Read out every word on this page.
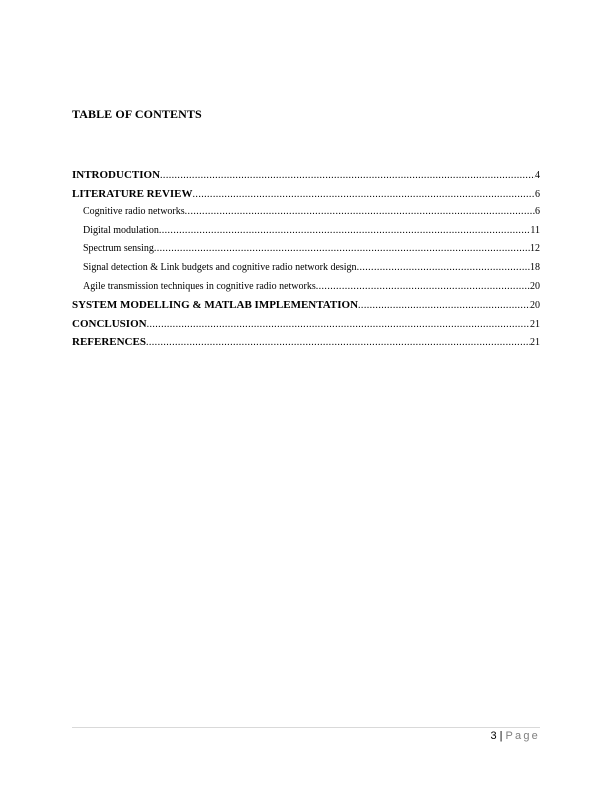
TABLE OF CONTENTS
INTRODUCTION .....	4
LITERATURE REVIEW .....	6
Cognitive radio networks .....	6
Digital modulation .....	11
Spectrum sensing .....	12
Signal detection & Link budgets and cognitive radio network design .....	18
Agile transmission techniques in cognitive radio networks .....	20
SYSTEM MODELLING & MATLAB IMPLEMENTATION .....	20
CONCLUSION .....	21
REFERENCES .....	21
3 | Page
